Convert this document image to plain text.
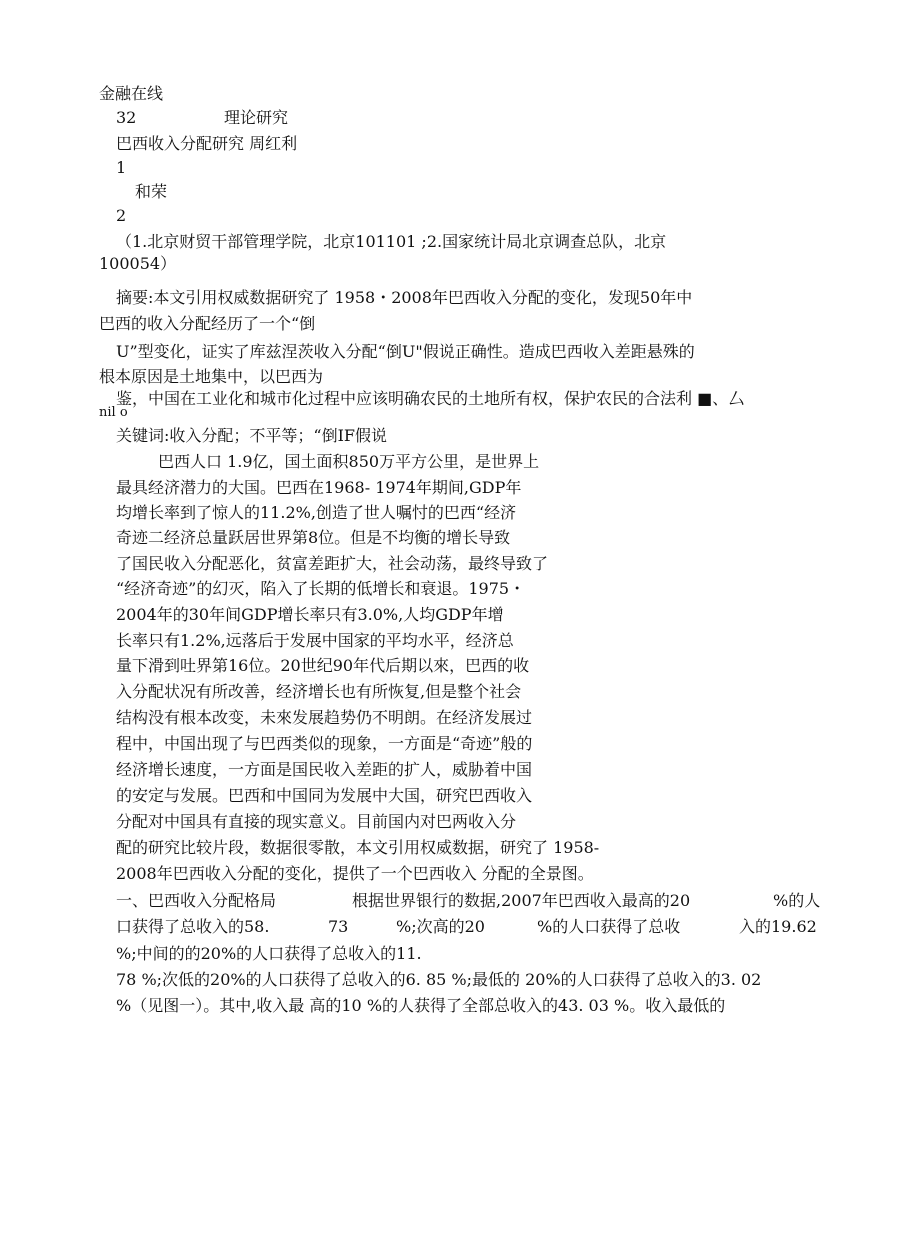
金融在线
32	理论研究
巴西收入分配研究 周红利
1
和荣
2
（1.北京财贸干部管理学院，北京101101 ;2.国家统计局北京调查总队，北京
100054）
摘要:本文引用权威数据研究了 1958・2008年巴西收入分配的变化，发现50年中
巴西的收入分配经历了一个“倒
U”型变化，证实了库兹涅茨收入分配“倒U"假说正确性。造成巴西收入差距悬殊的
根本原因是土地集中，以巴西为
鉴，中国在工业化和城市化过程中应该明确农民的土地所有权，保护农民的合法利 ■、厶
nil o
关键词:收入分配；不平等；“倒IF假说
巴西人口 1.9亿，国土面积850万平方公里，是世界上
最具经济潜力的大国。巴西在1968- 1974年期间,GDP年
均增长率到了惊人的11.2%,创造了世人嘱忖的巴西“经济
奇迹二经济总量跃居世界第8位。但是不均衡的增长导致
了国民收入分配恶化，贫富差距扩大，社会动荡，最终导致了
“经济奇迹”的幻灭，陷入了长期的低增长和衰退。1975・
2004年的30年间GDP增长率只有3.0%,人均GDP年增
长率只有1.2%,远落后于发展中国家的平均水平，经济总
量下滑到吐界第16位。20世纪90年代后期以來，巴西的收
入分配状况有所改善，经济增长也有所恢复,但是整个社会
结构没有根本改变，未來发展趋势仍不明朗。在经济发展过
程中，中国出现了与巴西类似的现象，一方面是“奇迹”般的
经济增长速度，一方面是国民收入差距的扩人，威胁着中国
的安定与发展。巴西和中国同为发展中大国，研究巴西收入
分配对中国具有直接的现实意义。目前国内对巴两收入分
配的研究比较片段，数据很零散，本文引用权威数据，研究了 1958-
2008年巴西收入分配的变化，提供了一个巴西收入 分配的全景图。
一、巴西收入分配格局	根据世界银行的数据,2007年巴西收入最高的20	%的人
口获得了总收入的58.	73	%;次高的20	%的人口获得了总收	入的19.62
%;中间的的20%的人口获得了总收入的11.
78 %;次低的20%的人口获得了总收入的6. 85 %;最低的 20%的人口获得了总收入的3. 02
%（见图一）。其中,收入最 高的10 %的人获得了全部总收入的43. 03 %。收入最低的
